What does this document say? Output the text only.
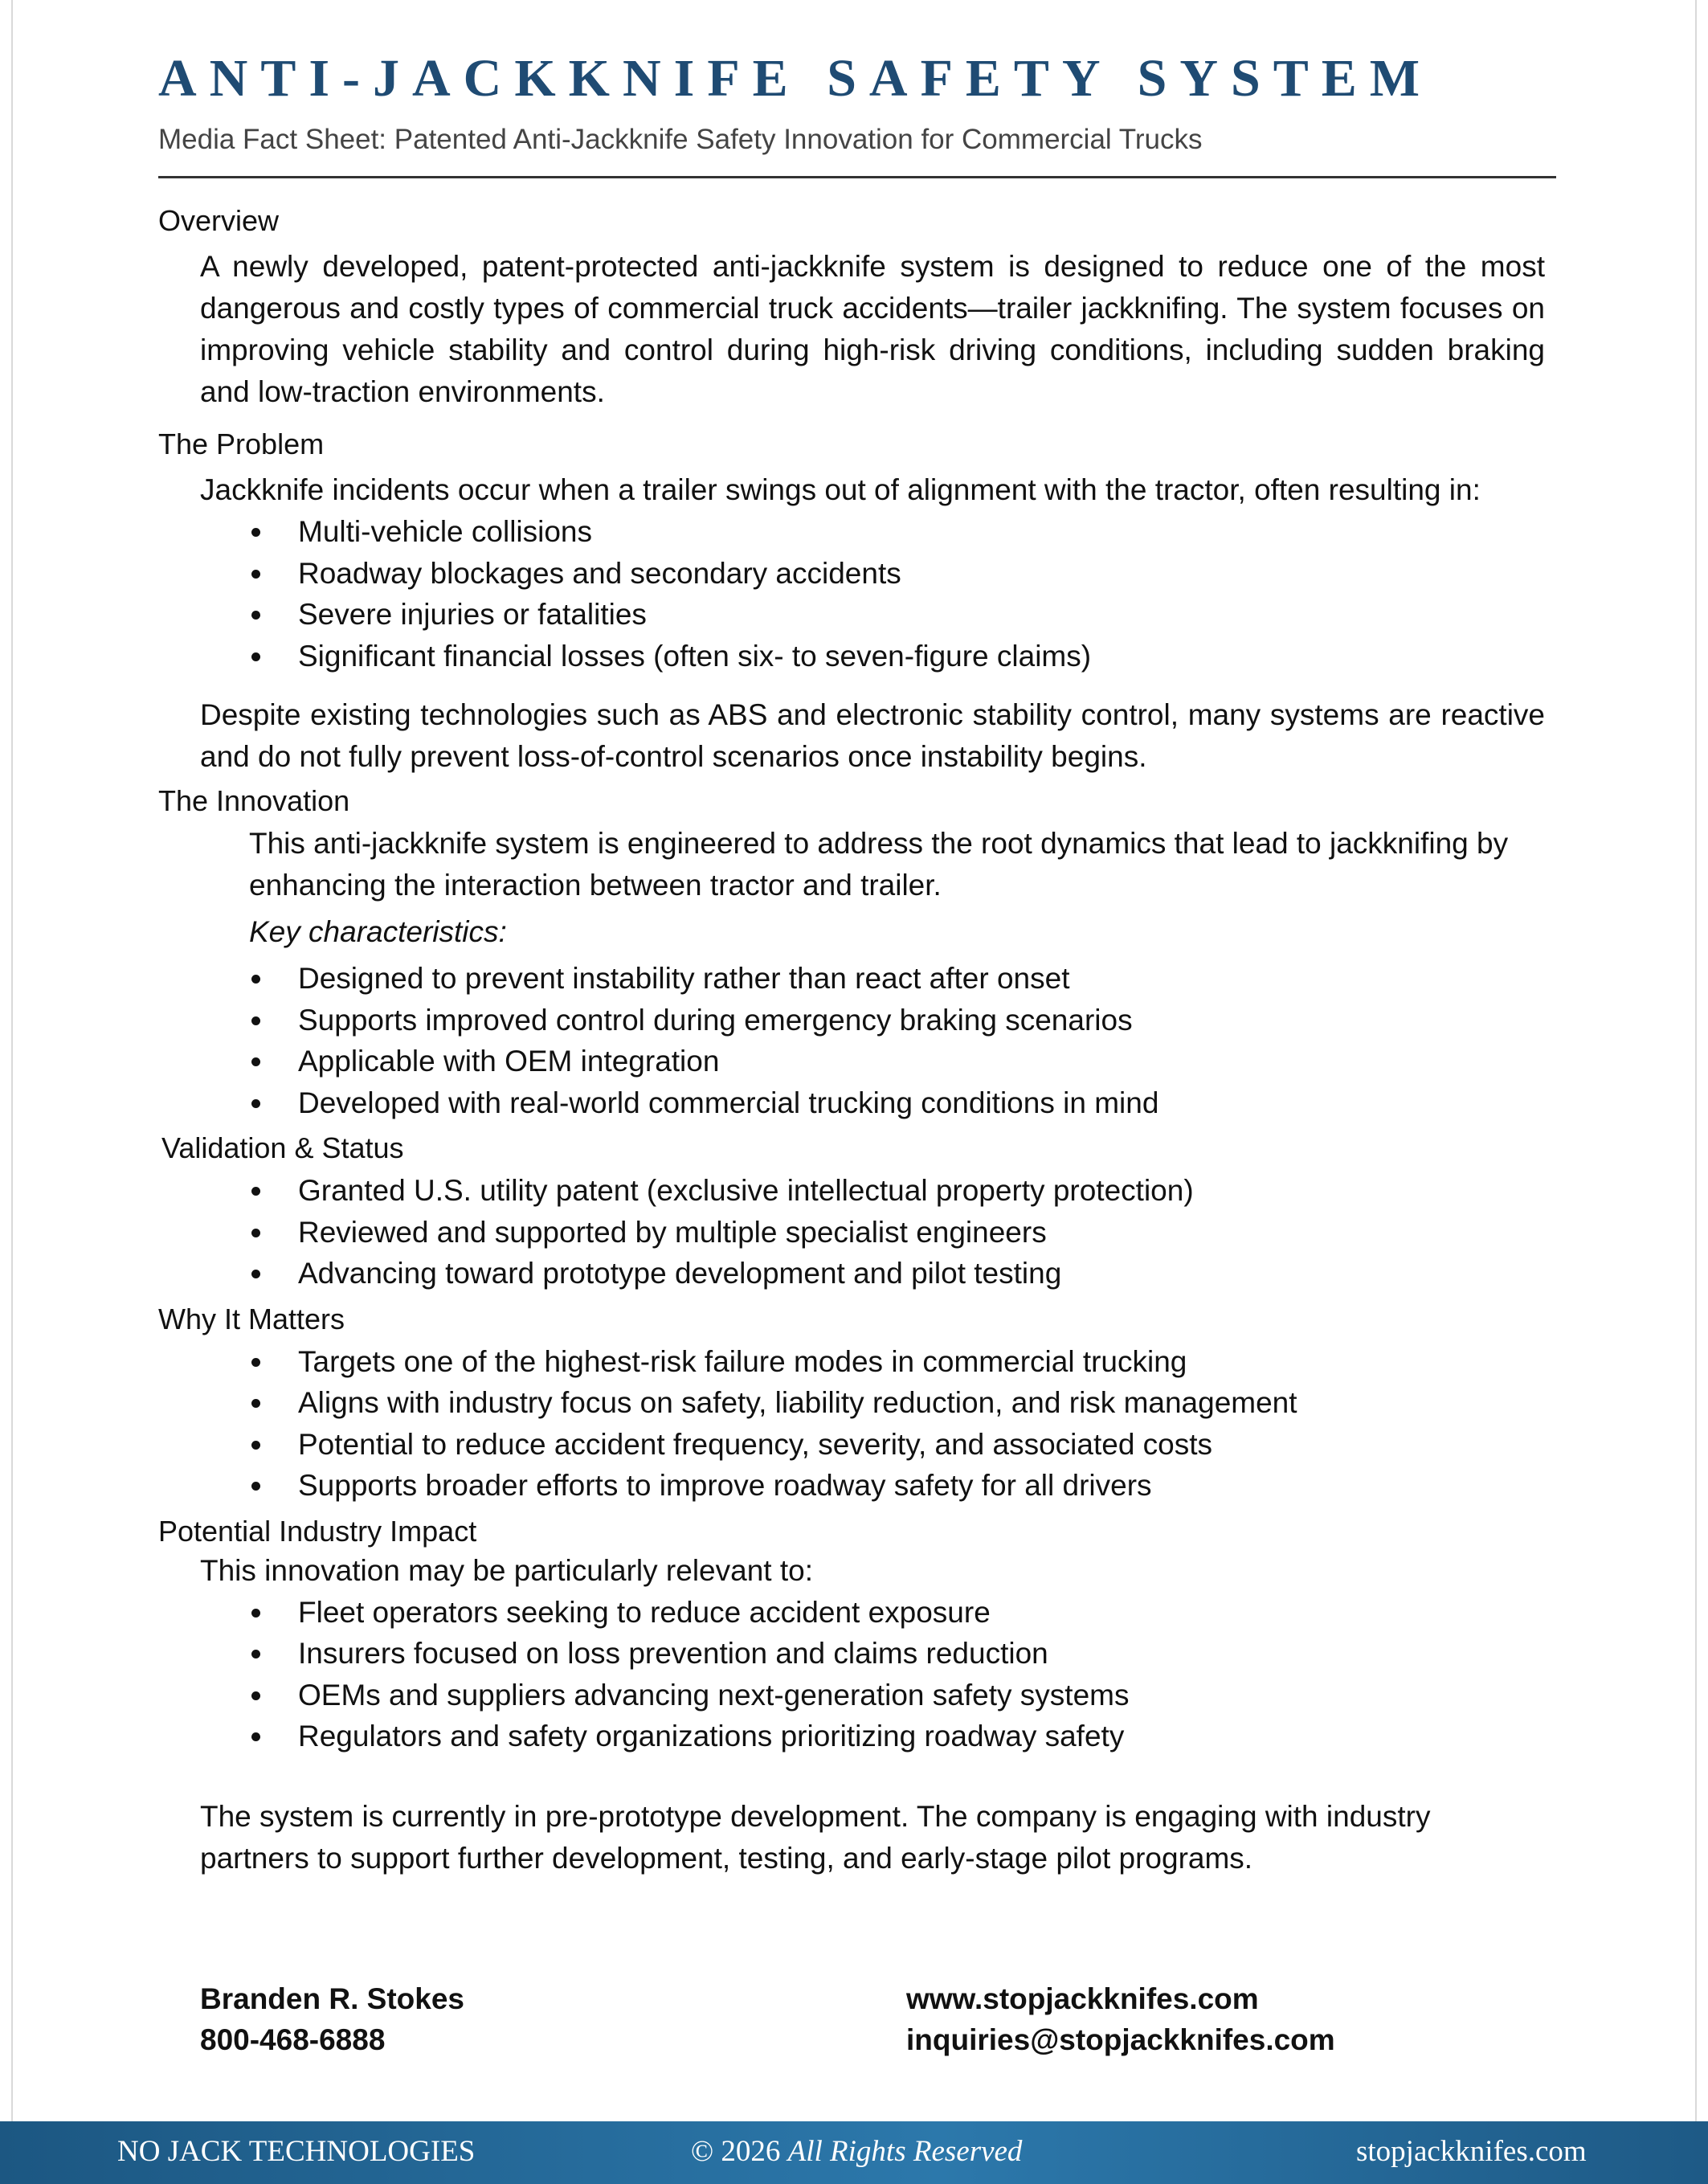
ANTI-JACKKNIFE SAFETY SYSTEM
Media Fact Sheet: Patented Anti-Jackknife Safety Innovation for Commercial Trucks
Overview

A newly developed, patent-protected anti-jackknife system is designed to reduce one of the most dangerous and costly types of commercial truck accidents—trailer jackknifing. The system focuses on improving vehicle stability and control during high-risk driving conditions, including sudden braking and low-traction environments.

The Problem

Jackknife incidents occur when a trailer swings out of alignment with the tractor, often resulting in:

Multi-vehicle collisions
Roadway blockages and secondary accidents
Severe injuries or fatalities
Significant financial losses (often six- to seven-figure claims)

Despite existing technologies such as ABS and electronic stability control, many systems are reactive and do not fully prevent loss-of-control scenarios once instability begins.

The Innovation

This anti-jackknife system is engineered to address the root dynamics that lead to jackknifing by enhancing the interaction between tractor and trailer.

Key characteristics:
Designed to prevent instability rather than react after onset
Supports improved control during emergency braking scenarios
Applicable with OEM integration
Developed with real-world commercial trucking conditions in mind
Validation & Status
Granted U.S. utility patent (exclusive intellectual property protection)
Reviewed and supported by multiple specialist engineers
Advancing toward prototype development and pilot testing
Why It Matters
Targets one of the highest-risk failure modes in commercial trucking
Aligns with industry focus on safety, liability reduction, and risk management
Potential to reduce accident frequency, severity, and associated costs
Supports broader efforts to improve roadway safety for all drivers
Potential Industry Impact

This innovation may be particularly relevant to:

Fleet operators seeking to reduce accident exposure
Insurers focused on loss prevention and claims reduction
OEMs and suppliers advancing next-generation safety systems
Regulators and safety organizations prioritizing roadway safety

The system is currently in pre-prototype development. The company is engaging with industry partners to support further development, testing, and early-stage pilot programs.

Branden R. Stokes
800-468-6888
www.stopjackknifes.com
inquiries@stopjackknifes.com
NO JACK TECHNOLOGIES	© 2026 All Rights Reserved	stopjackknifes.com
